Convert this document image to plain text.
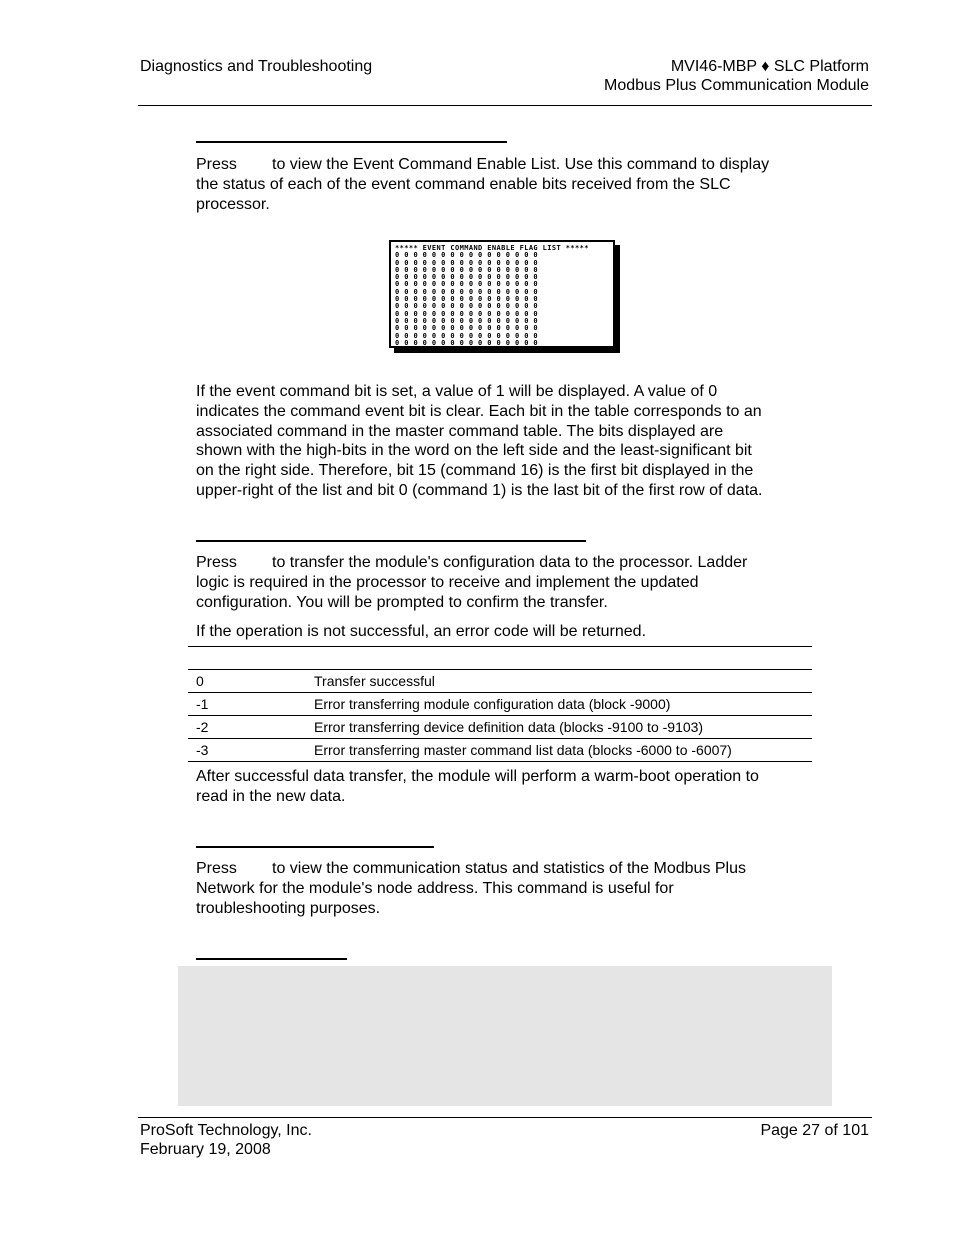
Diagnostics and Troubleshooting	MVI46-MBP ♦ SLC Platform
Modbus Plus Communication Module
Press to view the Event Command Enable List. Use this command to display
the status of each of the event command enable bits received from the SLC
processor.
***** EVENT COMMAND ENABLE FLAG LIST *****
0 0 0 0 0 0 0 0 0 0 0 0 0 0 0 0
0 0 0 0 0 0 0 0 0 0 0 0 0 0 0 0
0 0 0 0 0 0 0 0 0 0 0 0 0 0 0 0
0 0 0 0 0 0 0 0 0 0 0 0 0 0 0 0
0 0 0 0 0 0 0 0 0 0 0 0 0 0 0 0
0 0 0 0 0 0 0 0 0 0 0 0 0 0 0 0
0 0 0 0 0 0 0 0 0 0 0 0 0 0 0 0
0 0 0 0 0 0 0 0 0 0 0 0 0 0 0 0
0 0 0 0 0 0 0 0 0 0 0 0 0 0 0 0
0 0 0 0 0 0 0 0 0 0 0 0 0 0 0 0
0 0 0 0 0 0 0 0 0 0 0 0 0 0 0 0
0 0 0 0 0 0 0 0 0 0 0 0 0 0 0 0
0 0 0 0 0 0 0 0 0 0 0 0 0 0 0 0
0 0 0 0 0 0 0 0 0 0 0 0 0 0 1 1
If the event command bit is set, a value of 1 will be displayed. A value of 0
indicates the command event bit is clear. Each bit in the table corresponds to an
associated command in the master command table. The bits displayed are
shown with the high-bits in the word on the left side and the least-significant bit
on the right side. Therefore, bit 15 (command 16) is the first bit displayed in the
upper-right of the list and bit 0 (command 1) is the last bit of the first row of data.
Press to transfer the module's configuration data to the processor. Ladder
logic is required in the processor to receive and implement the updated
configuration. You will be prompted to confirm the transfer.
If the operation is not successful, an error code will be returned.

0	Transfer successful
-1	Error transferring module configuration data (block -9000)
-2	Error transferring device definition data (blocks -9100 to -9103)
-3	Error transferring master command list data (blocks -6000 to -6007)
After successful data transfer, the module will perform a warm-boot operation to
read in the new data.
Press to view the communication status and statistics of the Modbus Plus
Network for the module's node address. This command is useful for
troubleshooting purposes.
ProSoft Technology, Inc.
February 19, 2008
Page 27 of 101
